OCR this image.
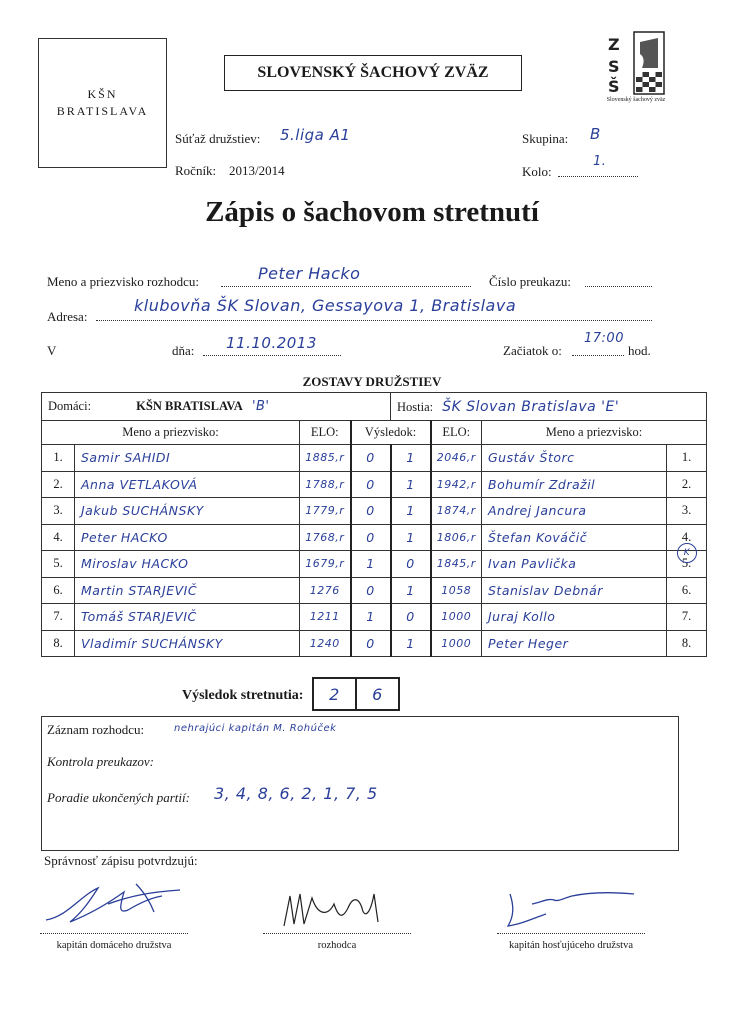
KŠN
BRATISLAVA
SLOVENSKÝ ŠACHOVÝ ZVÄZ
Z
S
Š
Slovenský šachový zväz
Súťaž družstiev: 5.liga A1	Skupina: B
Ročník: 2013/2014	Kolo:
1.
Zápis o šachovom stretnutí
Meno a priezvisko rozhodcu:	Peter Hacko	Číslo preukazu:
Adresa:
klubovňa ŠK Slovan, Gessayova 1, Bratislava
V	dňa: 11.10.2013	Začiatok o:
17:00
hod.
ZOSTAVY DRUŽSTIEV
Domáci: KŠN BRATISLAVA 'B'				Hostia: ŠK Slovan Bratislava 'E'			
Meno a priezvisko:		ELO:	Výsledok:		ELO:	Meno a priezvisko:	
1.	Samir SAHIDI	1885,r	0	1	2046,r	Gustáv Štorc	1.
2.	Anna VETLAKOVÁ	1788,r	0	1	1942,r	Bohumír Zdražil	2.
3.	Jakub SUCHÁNSKY	1779,r	0	1	1874,r	Andrej Jancura	3.
4.	Peter HACKO	1768,r	0	1	1806,r	Štefan Kováčič	4.
5.	Miroslav HACKO	1679,r	1	0	1845,r	Ivan Pavlička	5.
6.	Martin STARJEVIČ	1276	0	1	1058	Stanislav Debnár	6.
7.	Tomáš STARJEVIČ	1211	1	0	1000	Juraj Kollo	7.
8.	Vladimír SUCHÁNSKY	1240	0	1	1000	Peter Heger	8.
K
Výsledok stretnutia:	2	6
Záznam rozhodcu:	nehrajúci kapitán M. Rohúček
Kontrola preukazov:
Poradie ukončených partií: 3, 4, 8, 6, 2, 1, 7, 5
Správnosť zápisu potvrdzujú:
kapitán domáceho družstva	rozhodca	kapitán hosťujúceho družstva
